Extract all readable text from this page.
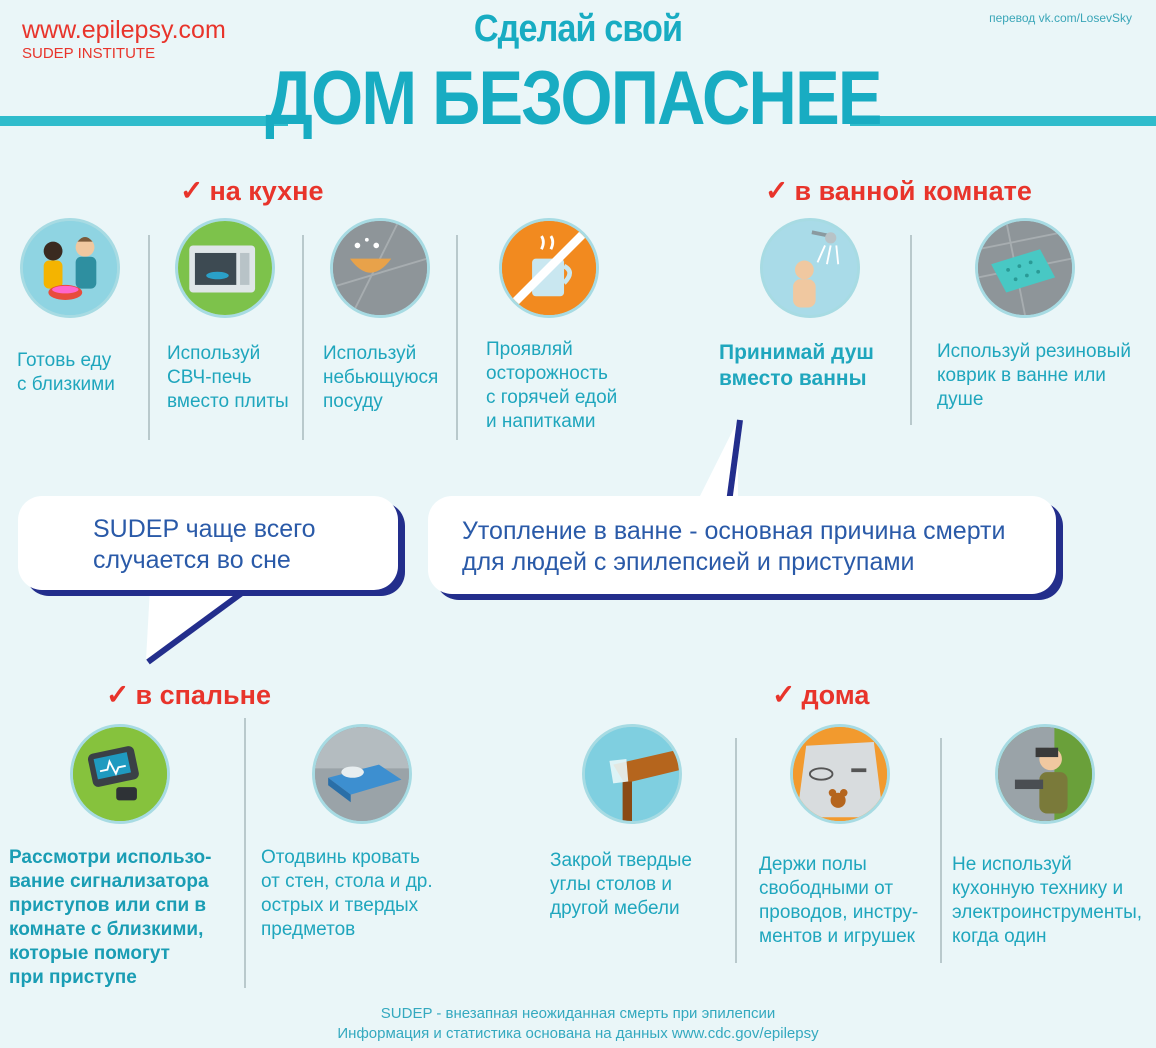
www.epilepsy.com
SUDEP INSTITUTE
перевод vk.com/LosevSky
Сделай свой
ДОМ БЕЗОПАСНЕЕ
✓ на кухне	✓ в ванной комнате
✓ в спальне	✓ дома
Готовь еду
с близкими
Используй
СВЧ-печь
вместо плиты
Используй
небьющуюся
посуду
Проявляй
осторожность
с горячей едой
и напитками
Принимай душ
вместо ванны
Используй резиновый
коврик в ванне или
душе
SUDEP чаще всего
случается во сне
Утопление в ванне - основная причина смерти
для людей с эпилепсией и приступами
Рассмотри использо-
вание сигнализатора
приступов или спи в
комнате с близкими,
которые помогут
при приступе
Отодвинь кровать
от стен, стола и др.
острых и твердых
предметов
Закрой твердые
углы столов и
другой мебели
Держи полы
свободными от
проводов, инстру-
ментов и игрушек
Не используй
кухонную технику и
электроинструменты,
когда один
SUDEP - внезапная неожиданная смерть при эпилепсии
Информация и статистика основана на данных www.cdc.gov/epilepsy
